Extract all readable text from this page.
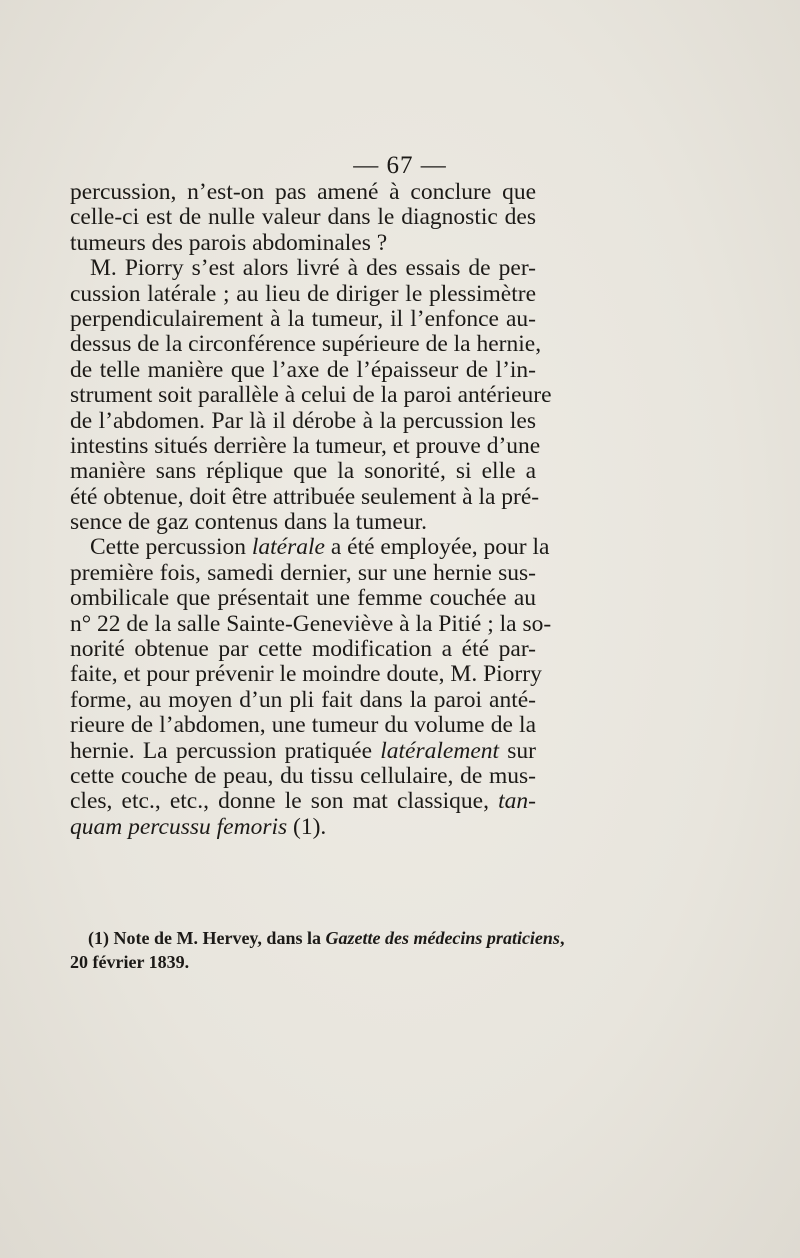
— 67 —
percussion, n’est-on pas amené à conclure que
celle-ci est de nulle valeur dans le diagnostic des
tumeurs des parois abdominales ?
M. Piorry s’est alors livré à des essais de per-
cussion latérale ; au lieu de diriger le plessimètre
perpendiculairement à la tumeur, il l’enfonce au-
dessus de la circonférence supérieure de la hernie,
de telle manière que l’axe de l’épaisseur de l’in-
strument soit parallèle à celui de la paroi antérieure
de l’abdomen. Par là il dérobe à la percussion les
intestins situés derrière la tumeur, et prouve d’une
manière sans réplique que la sonorité, si elle a
été obtenue, doit être attribuée seulement à la pré-
sence de gaz contenus dans la tumeur.
Cette percussion latérale a été employée, pour la
première fois, samedi dernier, sur une hernie sus-
ombilicale que présentait une femme couchée au
n° 22 de la salle Sainte-Geneviève à la Pitié ; la so-
norité obtenue par cette modification a été par-
faite, et pour prévenir le moindre doute, M. Piorry
forme, au moyen d’un pli fait dans la paroi anté-
rieure de l’abdomen, une tumeur du volume de la
hernie. La percussion pratiquée latéralement sur
cette couche de peau, du tissu cellulaire, de mus-
cles, etc., etc., donne le son mat classique, tan-
quam percussu femoris (1).
(1) Note de M. Hervey, dans la Gazette des médecins praticiens,
20 février 1839.
